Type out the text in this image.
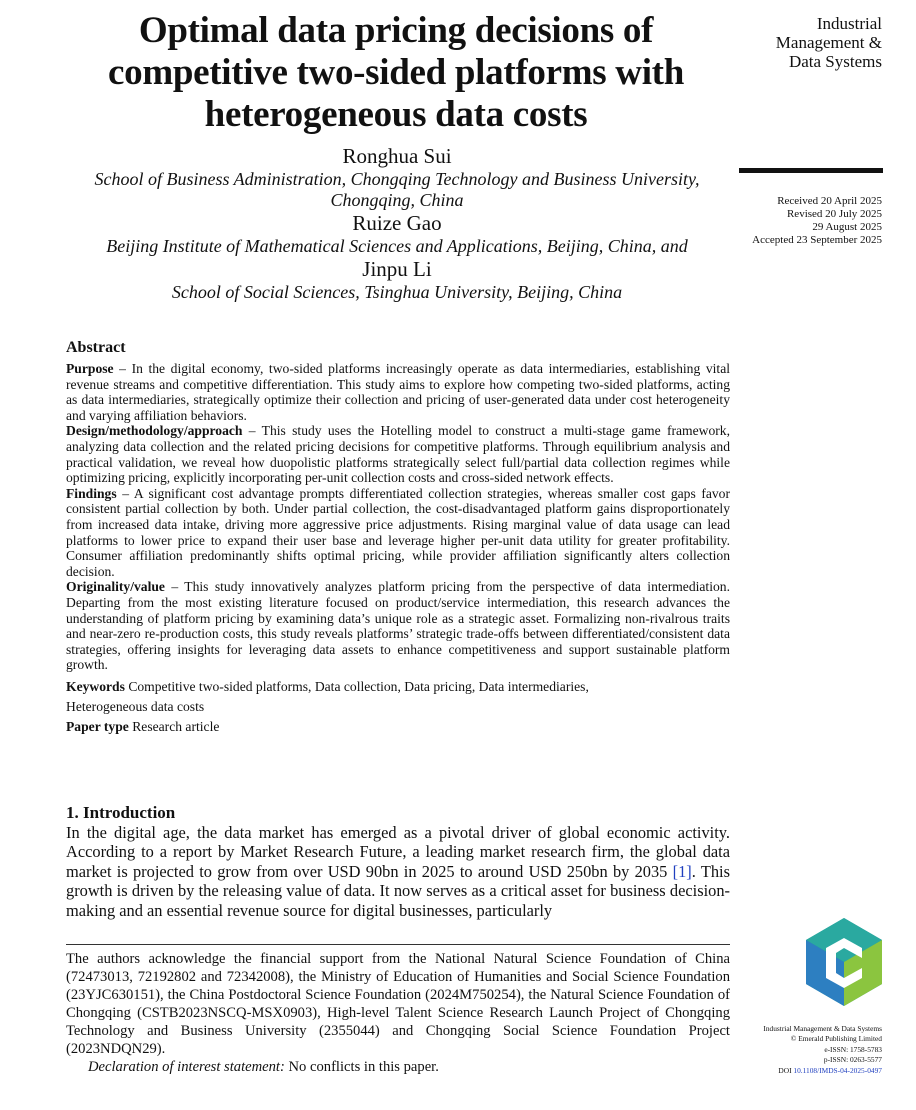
Optimal data pricing decisions of
competitive two-sided platforms with
heterogeneous data costs
Industrial
Management &
Data Systems
Received 20 April 2025
Revised 20 July 2025
29 August 2025
Accepted 23 September 2025
Ronghua Sui
School of Business Administration, Chongqing Technology and Business University,
Chongqing, China
Ruize Gao
Beijing Institute of Mathematical Sciences and Applications, Beijing, China, and
Jinpu Li
School of Social Sciences, Tsinghua University, Beijing, China
Abstract

Purpose – In the digital economy, two-sided platforms increasingly operate as data intermediaries, establishing vital revenue streams and competitive differentiation. This study aims to explore how competing two-sided platforms, acting as data intermediaries, strategically optimize their collection and pricing of user-generated data under cost heterogeneity and varying affiliation behaviors.

Design/methodology/approach – This study uses the Hotelling model to construct a multi-stage game framework, analyzing data collection and the related pricing decisions for competitive platforms. Through equilibrium analysis and practical validation, we reveal how duopolistic platforms strategically select full/partial data collection regimes while optimizing pricing, explicitly incorporating per-unit collection costs and cross-sided network effects.

Findings – A significant cost advantage prompts differentiated collection strategies, whereas smaller cost gaps favor consistent partial collection by both. Under partial collection, the cost-disadvantaged platform gains disproportionately from increased data intake, driving more aggressive price adjustments. Rising marginal value of data usage can lead platforms to lower price to expand their user base and leverage higher per-unit data utility for greater profitability. Consumer affiliation predominantly shifts optimal pricing, while provider affiliation significantly alters collection decision.

Originality/value – This study innovatively analyzes platform pricing from the perspective of data intermediation. Departing from the most existing literature focused on product/service intermediation, this research advances the understanding of platform pricing by examining data’s unique role as a strategic asset. Formalizing non-rivalrous traits and near-zero re-production costs, this study reveals platforms’ strategic trade-offs between differentiated/consistent data strategies, offering insights for leveraging data assets to enhance competitiveness and support sustainable platform growth.

Keywords Competitive two-sided platforms, Data collection, Data pricing, Data intermediaries,
Heterogeneous data costs
Paper type Research article
1. Introduction

In the digital age, the data market has emerged as a pivotal driver of global economic activity. According to a report by Market Research Future, a leading market research firm, the global data market is projected to grow from over USD 90bn in 2025 to around USD 250bn by 2035 [1]. This growth is driven by the releasing value of data. It now serves as a critical asset for business decision-making and an essential revenue source for digital businesses, particularly

The authors acknowledge the financial support from the National Natural Science Foundation of China (72473013, 72192802 and 72342008), the Ministry of Education of Humanities and Social Science Foundation (23YJC630151), the China Postdoctoral Science Foundation (2024M750254), the Natural Science Foundation of Chongqing (CSTB2023NSCQ-MSX0903), High-level Talent Science Research Launch Project of Chongqing Technology and Business University (2355044) and Chongqing Social Science Foundation Project (2023NDQN29).
Declaration of interest statement: No conflicts in this paper.
Industrial Management & Data Systems
© Emerald Publishing Limited
e-ISSN: 1758-5783
p-ISSN: 0263-5577
DOI 10.1108/IMDS-04-2025-0497
